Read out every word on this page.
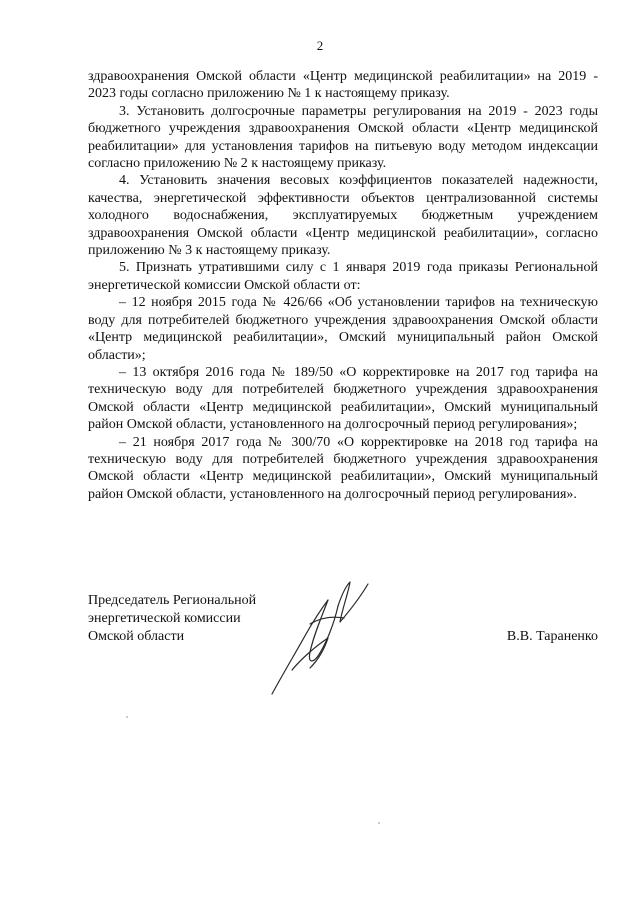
2

здравоохранения Омской области «Центр медицинской реабилитации» на 2019 - 2023 годы согласно приложению № 1 к настоящему приказу.

3. Установить долгосрочные параметры регулирования на 2019 - 2023 годы бюджетного учреждения здравоохранения Омской области «Центр медицинской реабилитации» для установления тарифов на питьевую воду методом индексации согласно приложению № 2 к настоящему приказу.

4. Установить значения весовых коэффициентов показателей надежности, качества, энергетической эффективности объектов централизованной системы холодного водоснабжения, эксплуатируемых бюджетным учреждением здравоохранения Омской области «Центр медицинской реабилитации», согласно приложению № 3 к настоящему приказу.

5. Признать утратившими силу с 1 января 2019 года приказы Региональной энергетической комиссии Омской области от:

– 12 ноября 2015 года № 426/66 «Об установлении тарифов на техническую воду для потребителей бюджетного учреждения здравоохранения Омской области «Центр медицинской реабилитации», Омский муниципальный район Омской области»;

– 13 октября 2016 года № 189/50 «О корректировке на 2017 год тарифа на техническую воду для потребителей бюджетного учреждения здравоохранения Омской области «Центр медицинской реабилитации», Омский муниципальный район Омской области, установленного на долгосрочный период регулирования»;

– 21 ноября 2017 года № 300/70 «О корректировке на 2018 год тарифа на техническую воду для потребителей бюджетного учреждения здравоохранения Омской области «Центр медицинской реабилитации», Омский муниципальный район Омской области, установленного на долгосрочный период регулирования».

Председатель Региональной
энергетической комиссии
Омской области	В.В. Тараненко
